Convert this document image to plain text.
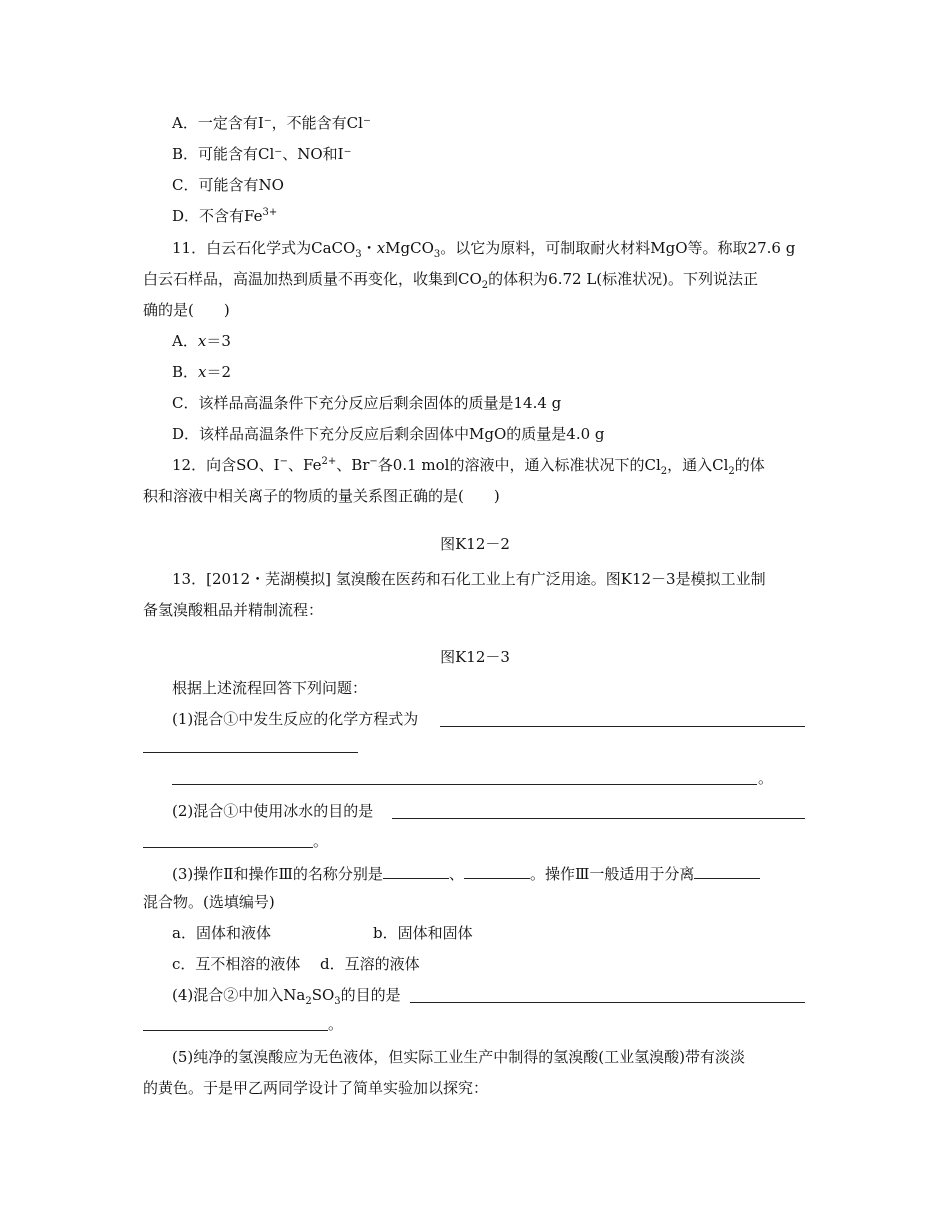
A．一定含有I⁻，不能含有Cl⁻
B．可能含有Cl⁻、NO和I⁻
C．可能含有NO
D．不含有$Fe^{3+}$
11．白云石化学式为CaCO$_3$・xMgCO$_3$。以它为原料，可制取耐火材料MgO等。称取27.6 g
白云石样品，高温加热到质量不再变化，收集到$CO_2$的体积为6.72 L(标准状况)。下列说法正
确的是(　　)
A．x＝3
B．x＝2
C．该样品高温条件下充分反应后剩余固体的质量是14.4 g
D．该样品高温条件下充分反应后剩余固体中MgO的质量是4.0 g
12．向含SO、I−、$Fe^{2+}$、Br−各0.1 mol的溶液中，通入标准状况下的$Cl_2$，通入$Cl_2$的体
积和溶液中相关离子的物质的量关系图正确的是(　　)
图K12－2
13．[2012・芜湖模拟] 氢溴酸在医药和石化工业上有广泛用途。图K12－3是模拟工业制
备氢溴酸粗品并精制流程：
图K12－3
根据上述流程回答下列问题：
(1)混合①中发生反应的化学方程式为
。
(2)混合①中使用冰水的目的是
。
(3)操作Ⅱ和操作Ⅲ的名称分别是	、	。操作Ⅲ一般适用于分离
混合物。(选填编号)
a．固体和液体	b．固体和固体
c．互不相溶的液体 d．互溶的液体
(4)混合②中加入$Na_2SO_3$的目的是
。
(5)纯净的氢溴酸应为无色液体，但实际工业生产中制得的氢溴酸(工业氢溴酸)带有淡淡
的黄色。于是甲乙两同学设计了简单实验加以探究：
